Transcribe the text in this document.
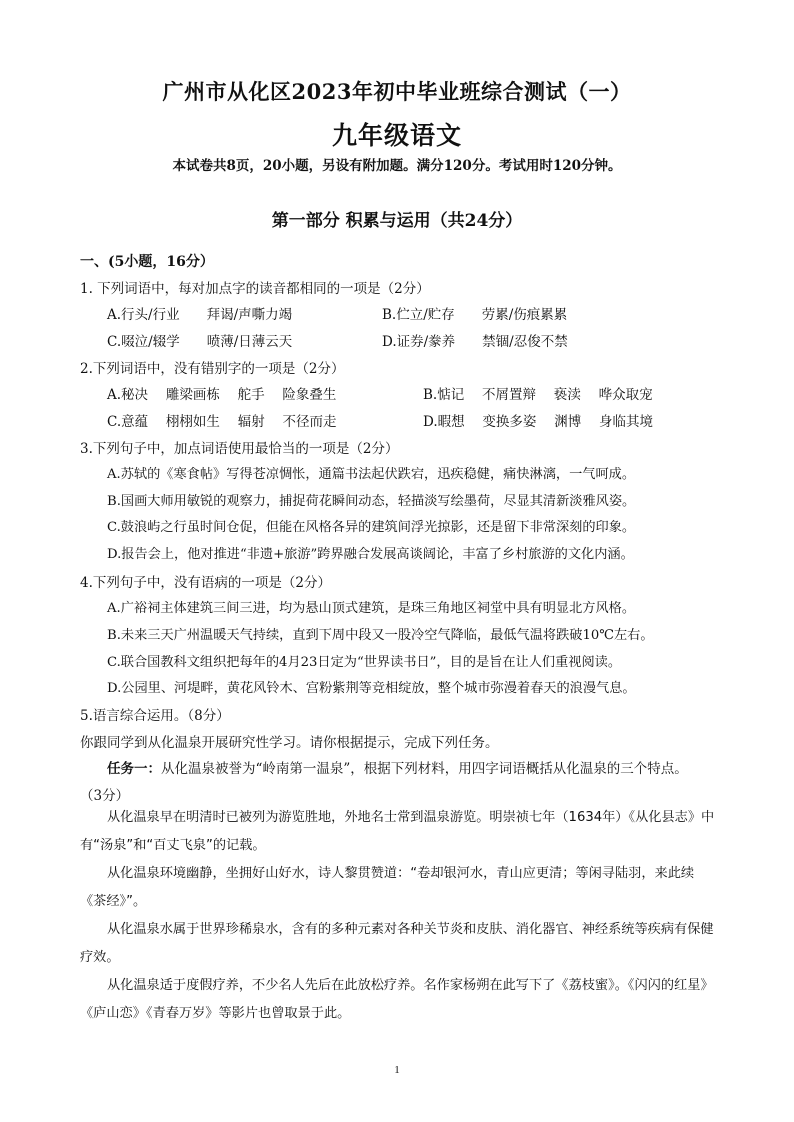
广州市从化区2023年初中毕业班综合测试（一）
九年级语文
本试卷共8页，20小题，另设有附加题。满分120分。考试用时120分钟。
第一部分 积累与运用（共24分）
一、(5小题，16分）
1. 下列词语中，每对加点字的读音都相同的一项是（2分）
A.行头/行业　　拜谒/声嘶力竭	B.伫立/贮存　　劳累/伤痕累累
C.啜泣/辍学　　喷薄/日薄云天	D.证券/豢养　　禁锢/忍俊不禁
2.下列词语中，没有错别字的一项是（2分）
A.秘决　 雕梁画栋　 舵手　 险象叠生	B.惦记　 不屑置辩　 亵渎　 哗众取宠
C.意蕴　 栩栩如生　 辐射　 不径而走	D.暇想　 变换多姿　 渊博　 身临其境
3.下列句子中，加点词语使用最恰当的一项是（2分）
A.苏轼的《寒食帖》写得苍凉惆怅，通篇书法起伏跌宕，迅疾稳健，痛快淋漓，一气呵成。
B.国画大师用敏锐的观察力，捕捉荷花瞬间动态，轻描淡写绘墨荷，尽显其清新淡雅风姿。
C.鼓浪屿之行虽时间仓促，但能在风格各异的建筑间浮光掠影，还是留下非常深刻的印象。
D.报告会上，他对推进“非遗+旅游”跨界融合发展高谈阔论，丰富了乡村旅游的文化内涵。
4.下列句子中，没有语病的一项是（2分）
A.广裕祠主体建筑三间三进，均为悬山顶式建筑，是珠三角地区祠堂中具有明显北方风格。
B.未来三天广州温暖天气持续，直到下周中段又一股冷空气降临，最低气温将跌破10℃左右。
C.联合国教科文组织把每年的4月23日定为“世界读书日”，目的是旨在让人们重视阅读。
D.公园里、河堤畔，黄花风铃木、宫粉紫荆等竞相绽放，整个城市弥漫着春天的浪漫气息。
5.语言综合运用。（8分）
你跟同学到从化温泉开展研究性学习。请你根据提示，完成下列任务。
任务一：从化温泉被誉为“岭南第一温泉”，根据下列材料，用四字词语概括从化温泉的三个特点。
（3分）
从化温泉早在明清时已被列为游览胜地，外地名士常到温泉游览。明崇祯七年（1634年）《从化县志》中有“汤泉”和“百丈飞泉”的记载。
从化温泉环境幽静，坐拥好山好水，诗人黎贯赞道：“卷却银河水，青山应更清；等闲寻陆羽，来此续《茶经》”。
从化温泉水属于世界珍稀泉水，含有的多种元素对各种关节炎和皮肤、消化器官、神经系统等疾病有保健疗效。
从化温泉适于度假疗养，不少名人先后在此放松疗养。名作家杨朔在此写下了《荔枝蜜》。《闪闪的红星》《庐山恋》《青春万岁》等影片也曾取景于此。
1
